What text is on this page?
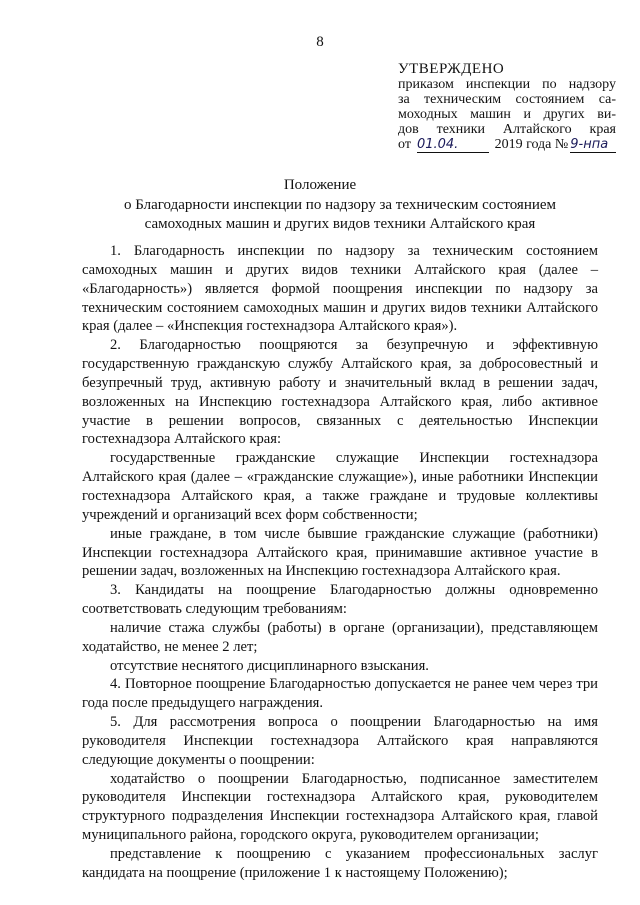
8
УТВЕРЖДЕНО
приказом инспекции по надзору
за техническим состоянием са-
моходных машин и других ви-
дов техники Алтайского края
от 01.04.	2019 года № 9-нпа
Положение
о Благодарности инспекции по надзору за техническим состоянием самоходных машин и других видов техники Алтайского края

1. Благодарность инспекции по надзору за техническим состоянием самоходных машин и других видов техники Алтайского края (далее – «Благодарность») является формой поощрения инспекции по надзору за техническим состоянием самоходных машин и других видов техники Алтайского края (далее – «Инспекция гостехнадзора Алтайского края»).

2. Благодарностью поощряются за безупречную и эффективную государственную гражданскую службу Алтайского края, за добросовестный и безупречный труд, активную работу и значительный вклад в решении задач, возложенных на Инспекцию гостехнадзора Алтайского края, либо активное участие в решении вопросов, связанных с деятельностью Инспекции гостехнадзора Алтайского края:

государственные гражданские служащие Инспекции гостехнадзора Алтайского края (далее – «гражданские служащие»), иные работники Инспекции гостехнадзора Алтайского края, а также граждане и трудовые коллективы учреждений и организаций всех форм собственности;

иные граждане, в том числе бывшие гражданские служащие (работники) Инспекции гостехнадзора Алтайского края, принимавшие активное участие в решении задач, возложенных на Инспекцию гостехнадзора Алтайского края.

3. Кандидаты на поощрение Благодарностью должны одновременно соответствовать следующим требованиям:

наличие стажа службы (работы) в органе (организации), представляющем ходатайство, не менее 2 лет;

отсутствие неснятого дисциплинарного взыскания.

4. Повторное поощрение Благодарностью допускается не ранее чем через три года после предыдущего награждения.

5. Для рассмотрения вопроса о поощрении Благодарностью на имя руководителя Инспекции гостехнадзора Алтайского края направляются следующие документы о поощрении:

ходатайство о поощрении Благодарностью, подписанное заместителем руководителя Инспекции гостехнадзора Алтайского края, руководителем структурного подразделения Инспекции гостехнадзора Алтайского края, главой муниципального района, городского округа, руководителем организации;

представление к поощрению с указанием профессиональных заслуг кандидата на поощрение (приложение 1 к настоящему Положению);
